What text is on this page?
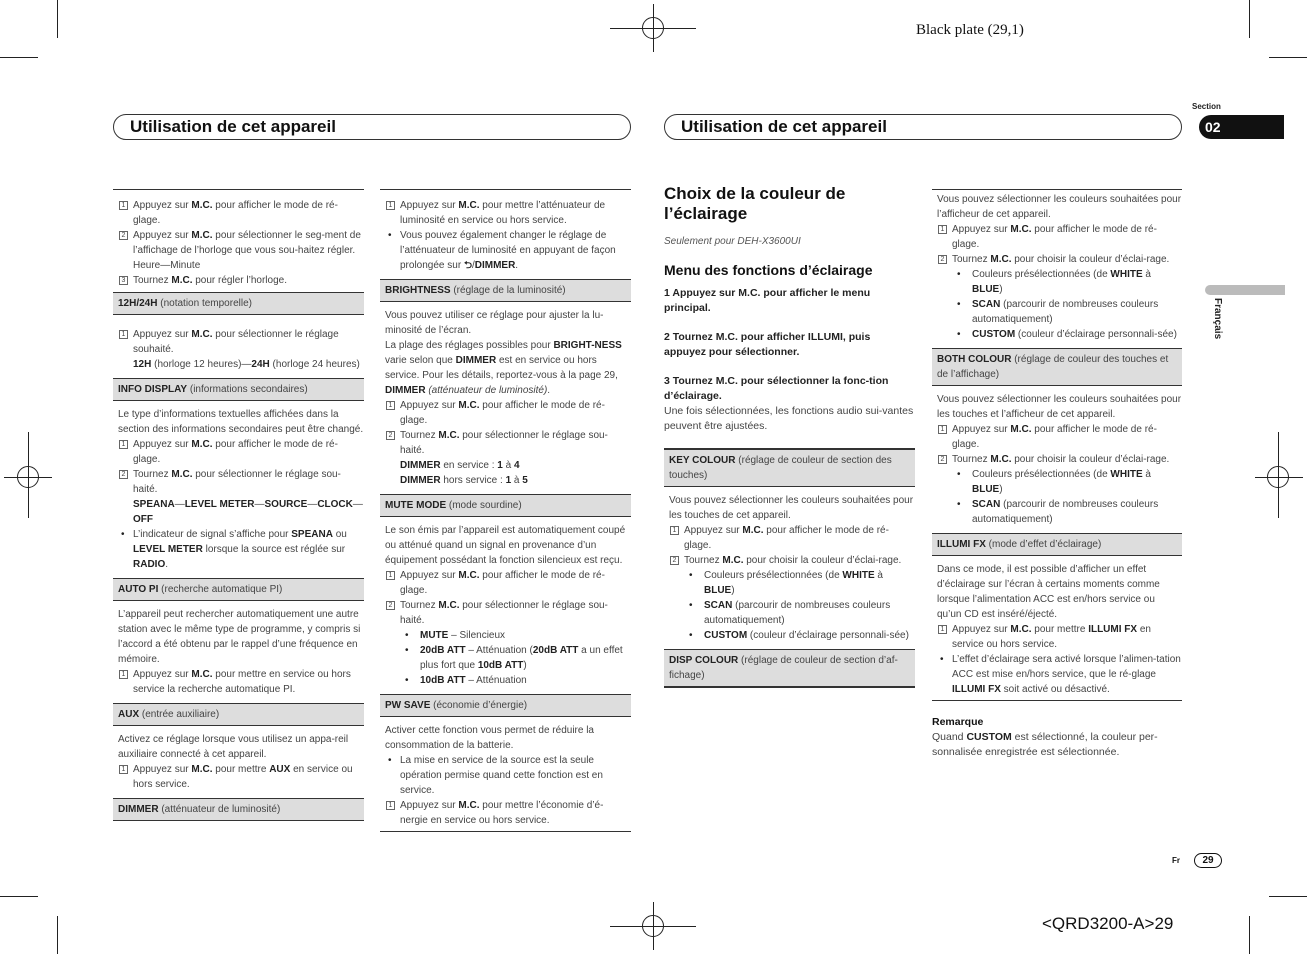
Black plate (29,1)
<QRD3200-A>29
Section
02
Français
Utilisation de cet appareil	Utilisation de cet appareil
1 Appuyez sur M.C. pour afficher le mode de ré-glage.
2 Appuyez sur M.C. pour sélectionner le seg-ment de l’affichage de l’horloge que vous sou-haitez régler.
Heure—Minute
3 Tournez M.C. pour régler l’horloge.
12H/24H (notation temporelle)
1 Appuyez sur M.C. pour sélectionner le réglage souhaité.
12H (horloge 12 heures)—24H (horloge 24 heures)
INFO DISPLAY (informations secondaires)
Le type d’informations textuelles affichées dans la section des informations secondaires peut être changé.
1 Appuyez sur M.C. pour afficher le mode de ré-glage.
2 Tournez M.C. pour sélectionner le réglage sou-haité.
SPEANA—LEVEL METER—SOURCE—CLOCK—OFF
• L’indicateur de signal s’affiche pour SPEANA ou LEVEL METER lorsque la source est réglée sur RADIO.
AUTO PI (recherche automatique PI)
L’appareil peut rechercher automatiquement une autre station avec le même type de programme, y compris si l’accord a été obtenu par le rappel d’une fréquence en mémoire.
1 Appuyez sur M.C. pour mettre en service ou hors service la recherche automatique PI.
AUX (entrée auxiliaire)
Activez ce réglage lorsque vous utilisez un appa-reil auxiliaire connecté à cet appareil.
1 Appuyez sur M.C. pour mettre AUX en service ou hors service.
DIMMER (atténuateur de luminosité)
1 Appuyez sur M.C. pour mettre l’atténuateur de luminosité en service ou hors service.
• Vous pouvez également changer le réglage de l’atténuateur de luminosité en appuyant de façon prolongée sur ⮌/DIMMER.
BRIGHTNESS (réglage de la luminosité)
Vous pouvez utiliser ce réglage pour ajuster la lu-minosité de l’écran.
La plage des réglages possibles pour BRIGHT-NESS varie selon que DIMMER est en service ou hors service. Pour les détails, reportez-vous à la page 29, DIMMER (atténuateur de luminosité).
1 Appuyez sur M.C. pour afficher le mode de ré-glage.
2 Tournez M.C. pour sélectionner le réglage sou-haité.
DIMMER en service : 1 à 4
DIMMER hors service : 1 à 5
MUTE MODE (mode sourdine)
Le son émis par l’appareil est automatiquement coupé ou atténué quand un signal en provenance d’un équipement possédant la fonction silencieux est reçu.
1 Appuyez sur M.C. pour afficher le mode de ré-glage.
2 Tournez M.C. pour sélectionner le réglage sou-haité.
• MUTE – Silencieux
• 20dB ATT – Atténuation (20dB ATT a un effet plus fort que 10dB ATT)
• 10dB ATT – Atténuation
PW SAVE (économie d’énergie)
Activer cette fonction vous permet de réduire la consommation de la batterie.
• La mise en service de la source est la seule opération permise quand cette fonction est en service.
1 Appuyez sur M.C. pour mettre l’économie d’é-nergie en service ou hors service.
Choix de la couleur de l’éclairage
Seulement pour DEH-X3600UI
Menu des fonctions d’éclairage
1 Appuyez sur M.C. pour afficher le menu principal.
2 Tournez M.C. pour afficher ILLUMI, puis appuyez pour sélectionner.
3 Tournez M.C. pour sélectionner la fonc-tion d’éclairage.
Une fois sélectionnées, les fonctions audio sui-vantes peuvent être ajustées.
KEY COLOUR (réglage de couleur de section des touches)
Vous pouvez sélectionner les couleurs souhaitées pour les touches de cet appareil.
1 Appuyez sur M.C. pour afficher le mode de ré-glage.
2 Tournez M.C. pour choisir la couleur d’éclai-rage.
• Couleurs présélectionnées (de WHITE à BLUE)
• SCAN (parcourir de nombreuses couleurs automatiquement)
• CUSTOM (couleur d’éclairage personnali-sée)
DISP COLOUR (réglage de couleur de section d’af-fichage)
Vous pouvez sélectionner les couleurs souhaitées pour l’afficheur de cet appareil.
1 Appuyez sur M.C. pour afficher le mode de ré-glage.
2 Tournez M.C. pour choisir la couleur d’éclai-rage.
• Couleurs présélectionnées (de WHITE à BLUE)
• SCAN (parcourir de nombreuses couleurs automatiquement)
• CUSTOM (couleur d’éclairage personnali-sée)
BOTH COLOUR (réglage de couleur des touches et de l’affichage)
Vous pouvez sélectionner les couleurs souhaitées pour les touches et l’afficheur de cet appareil.
1 Appuyez sur M.C. pour afficher le mode de ré-glage.
2 Tournez M.C. pour choisir la couleur d’éclai-rage.
• Couleurs présélectionnées (de WHITE à BLUE)
• SCAN (parcourir de nombreuses couleurs automatiquement)
ILLUMI FX (mode d’effet d’éclairage)
Dans ce mode, il est possible d’afficher un effet d’éclairage sur l’écran à certains moments comme lorsque l’alimentation ACC est en/hors service ou qu’un CD est inséré/éjecté.
1 Appuyez sur M.C. pour mettre ILLUMI FX en service ou hors service.
• L’effet d’éclairage sera activé lorsque l’alimen-tation ACC est mise en/hors service, que le ré-glage ILLUMI FX soit activé ou désactivé.
Remarque
Quand CUSTOM est sélectionné, la couleur per-sonnalisée enregistrée est sélectionnée.
Fr	29
